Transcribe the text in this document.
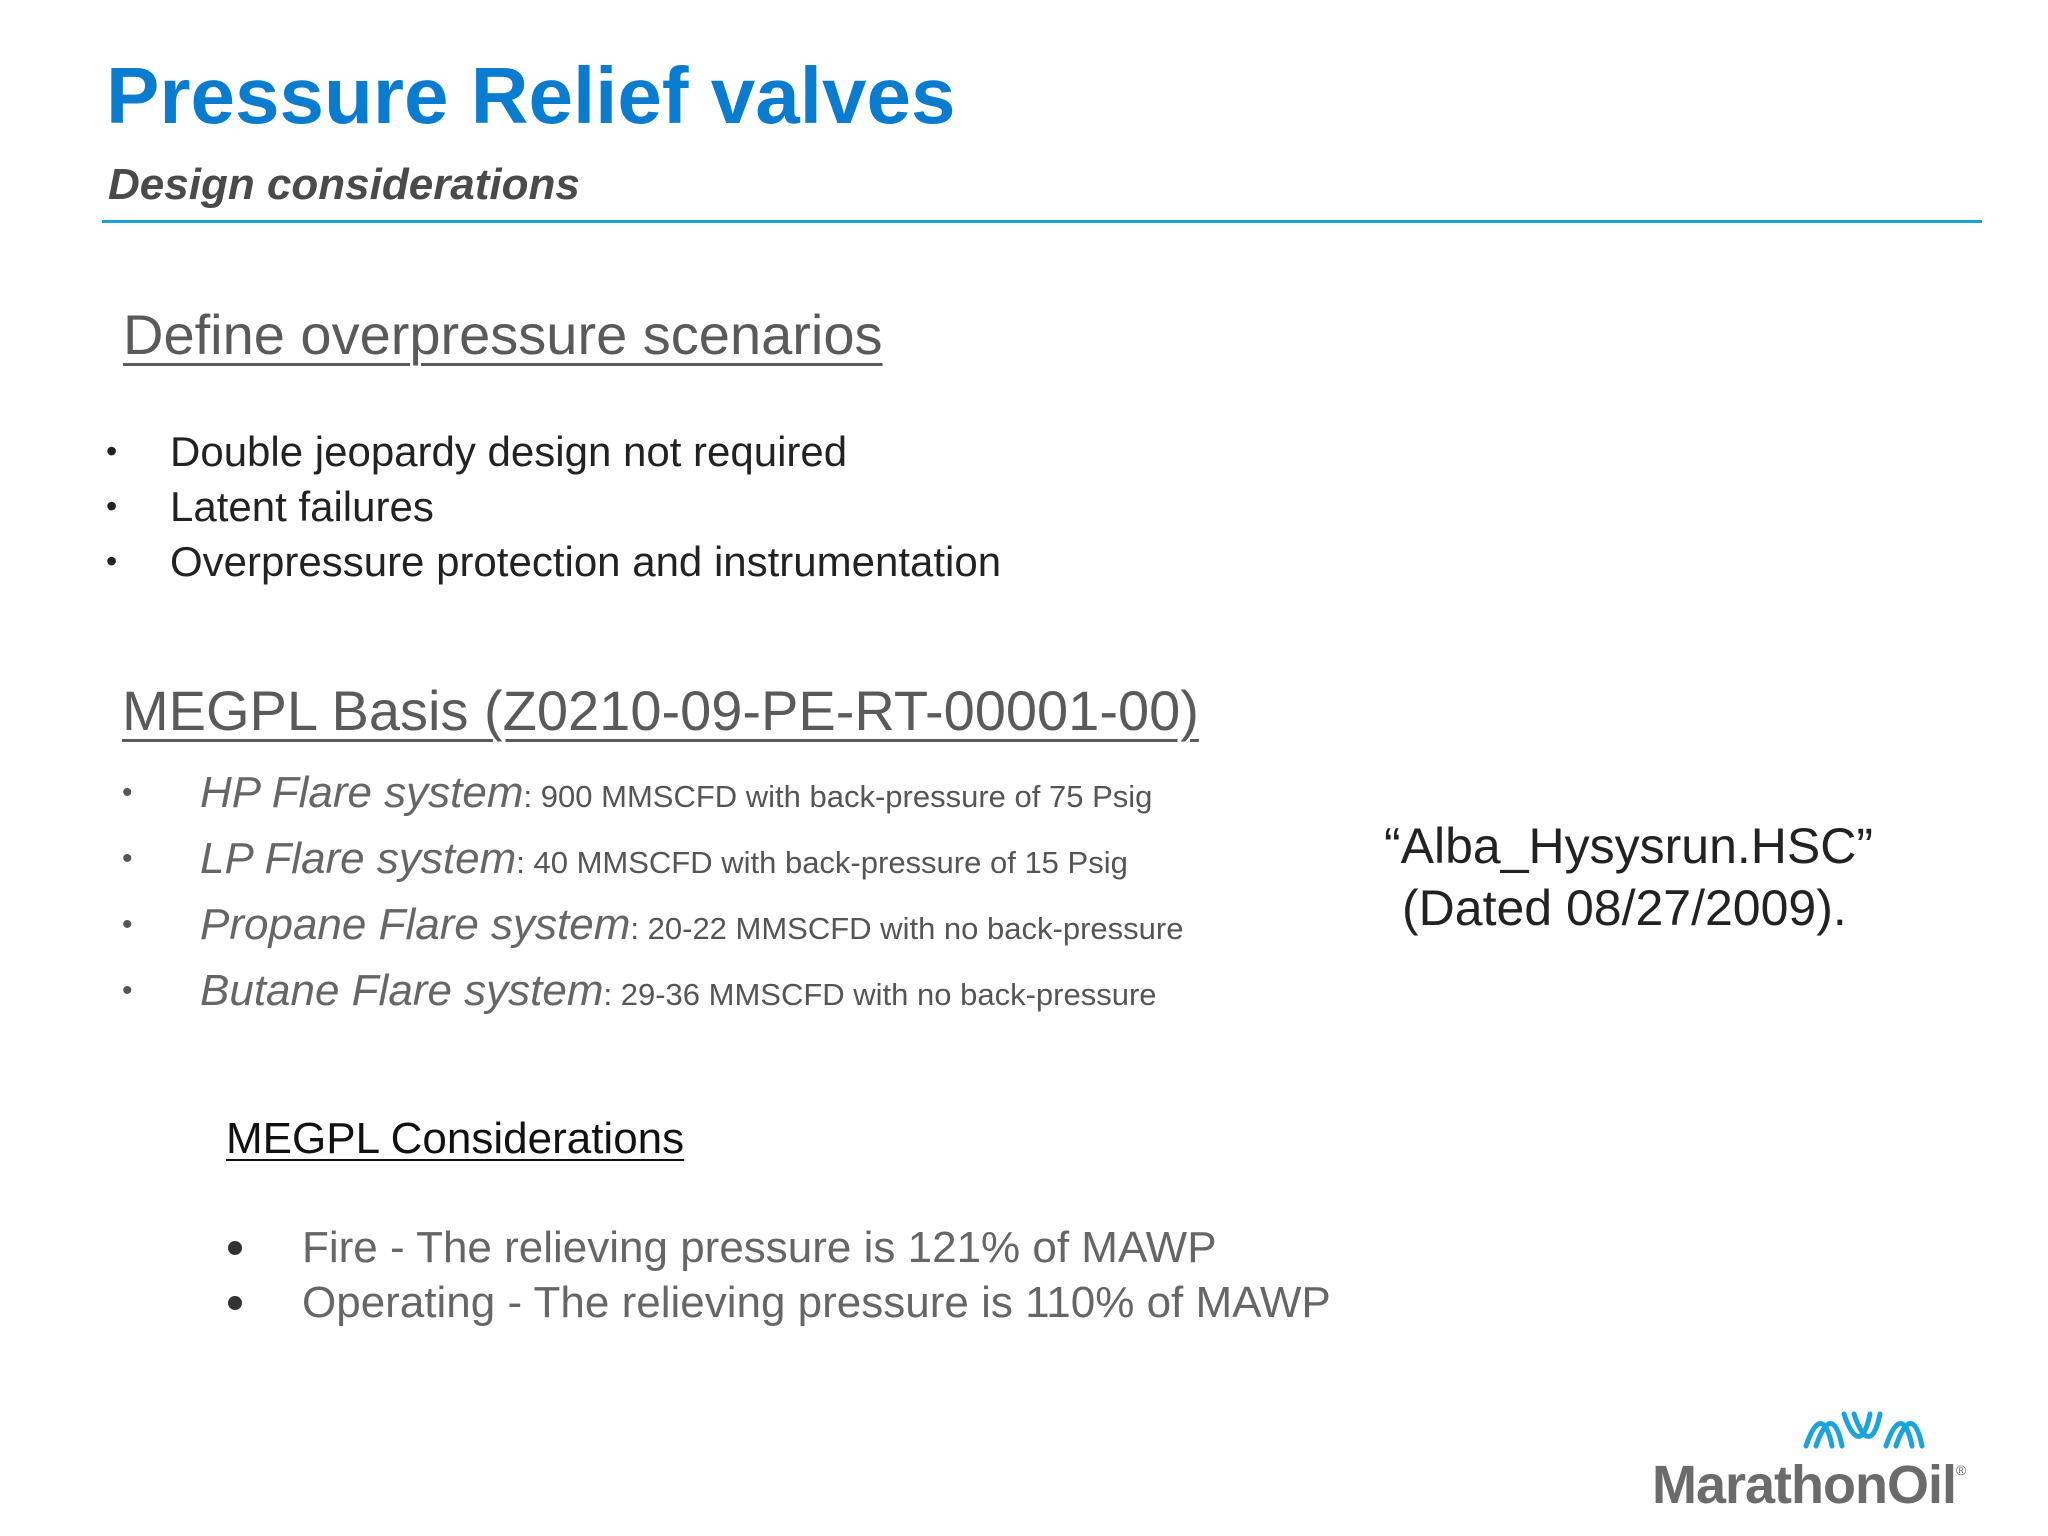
Pressure Relief valves
Design considerations
Define overpressure scenarios
• Double jeopardy design not required
• Latent failures
• Overpressure protection and instrumentation
MEGPL Basis (Z0210-09-PE-RT-00001-00)
• HP Flare system: 900 MMSCFD with back-pressure of 75 Psig
• LP Flare system: 40 MMSCFD with back-pressure of 15 Psig
• Propane Flare system: 20-22 MMSCFD with no back-pressure
• Butane Flare system: 29-36 MMSCFD with no back-pressure
“Alba_Hysysrun.HSC”
(Dated 08/27/2009).
MEGPL Considerations
Fire - The relieving pressure is 121% of MAWP
Operating - The relieving pressure is 110% of MAWP
MarathonOil®
